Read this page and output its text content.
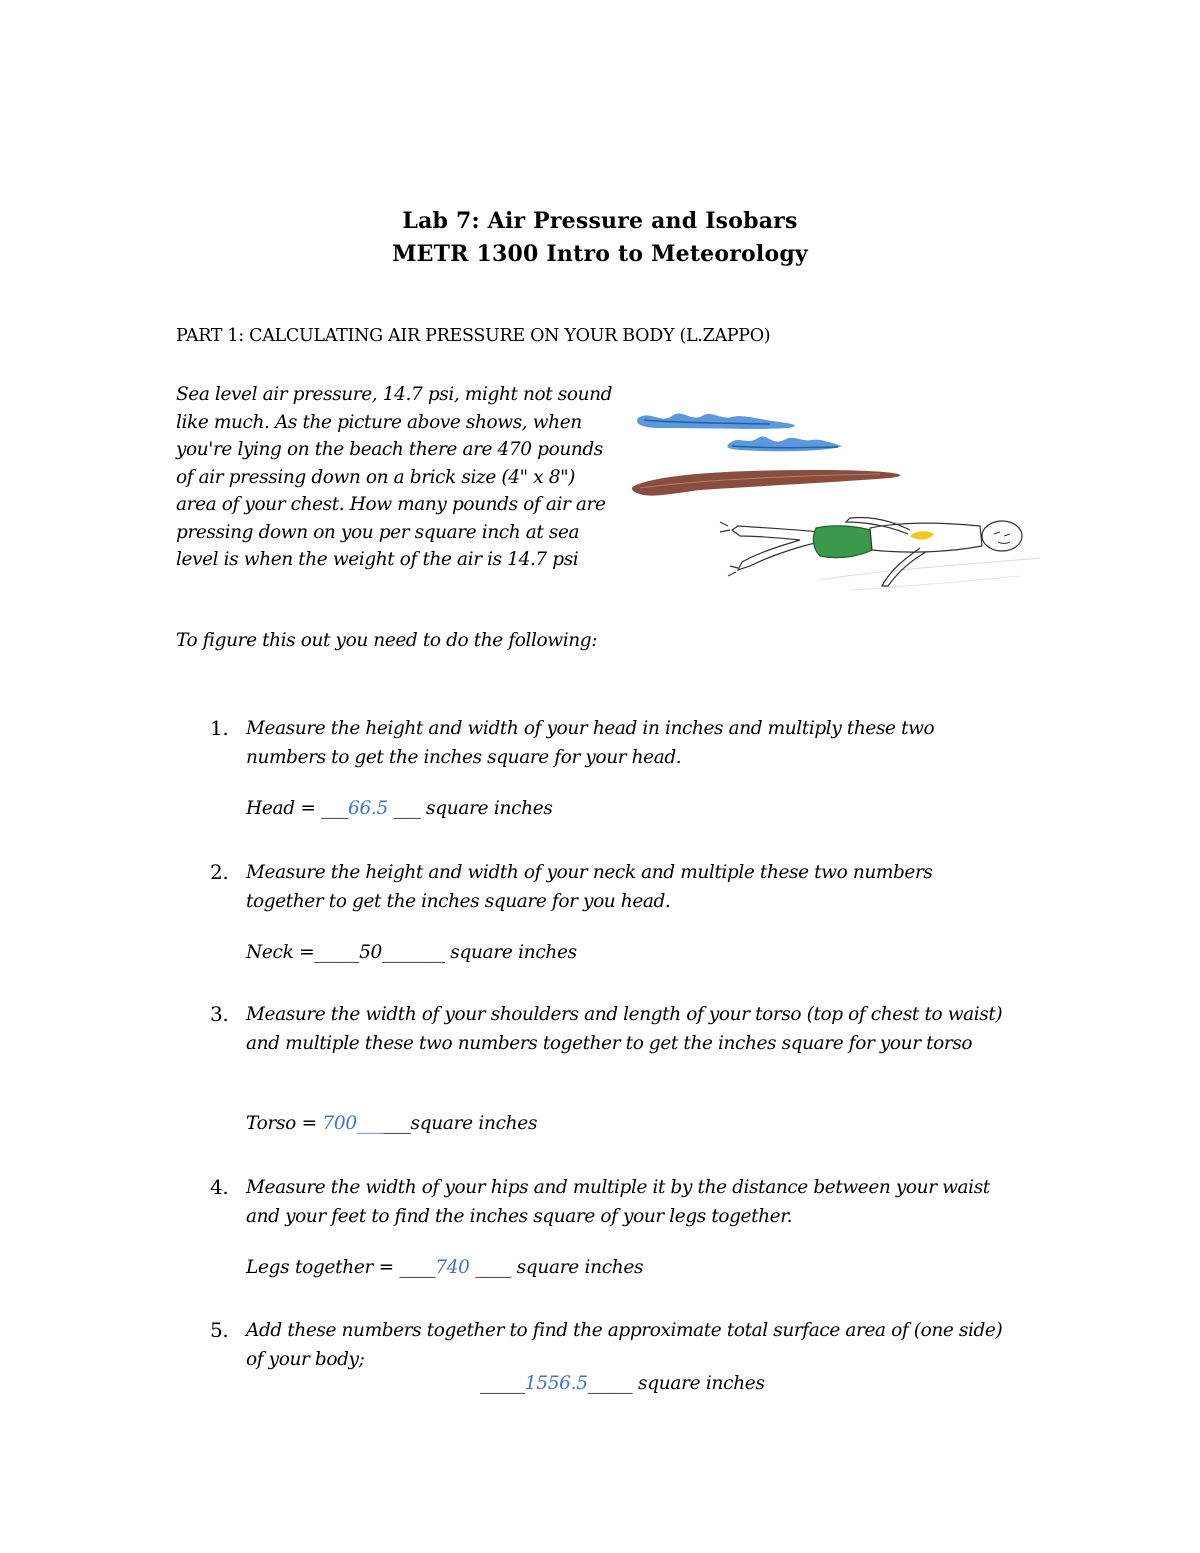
Lab 7: Air Pressure and Isobars
METR 1300 Intro to Meteorology
PART 1: CALCULATING AIR PRESSURE ON YOUR BODY (L.ZAPPO)
Sea level air pressure, 14.7 psi, might not sound like much. As the picture above shows, when you're lying on the beach there are 470 pounds of air pressing down on a brick size (4" x 8") area of your chest. How many pounds of air are pressing down on you per square inch at sea level is when the weight of the air is 14.7 psi
To figure this out you need to do the following:
1. Measure the height and width of your head in inches and multiply these two numbers to get the inches square for your head.
Head = ___66.5 ___ square inches
2. Measure the height and width of your neck and multiple these two numbers together to get the inches square for you head.
Neck =_____50_______ square inches
3. Measure the width of your shoulders and length of your torso (top of chest to waist) and multiple these two numbers together to get the inches square for your torso
Torso = 700______square inches
4. Measure the width of your hips and multiple it by the distance between your waist and your feet to find the inches square of your legs together.
Legs together = ____740 ____ square inches
5. Add these numbers together to find the approximate total surface area of (one side) of your body;
_____1556.5_____ square inches
